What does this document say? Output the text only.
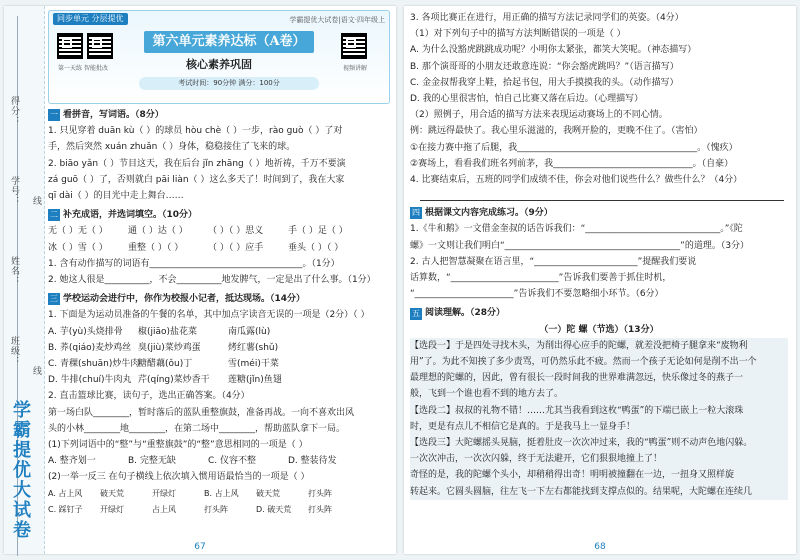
得分：
学号：
姓名：
班级：
线
线
学霸提优大试卷
同步单元 分层提优	学霸提优大试卷|语文·四年级上
第一天练 智能批改	视频讲解
第六单元素养达标（A卷）
核心素养巩固
考试时间：90分钟 满分：100分
一 看拼音，写词语。（8分）
1. 只见穿着 duān kù（ ）的球员 hòu chè（ ）一步，rào guò（ ）了对
手，然后突然 xuán zhuǎn（ ）身体，稳稳接住了飞来的球。
2. biāo yǎn（ ）节目这天，我在后台 jǐn zhāng（ ）地祈祷，千万不要演
zá guō（ ）了，否则就白 pāi liàn（ ）这么多天了！时间到了，我在大家
qī dài（ ）的目光中走上舞台……
二 补充成语，并选词填空。（10分）
无（ ）无（ ） 通（ ）达（ ） （ ）（ ）思义	手（ ）足（ ）
冰（ ）雪（ ） 重整（ ）（ ）	（ ）（ ）应手	垂头（ ）（ ）
1. 含有动作描写的词语有__________________________________。（1分）
2. 她这人很是__________，不会__________地发脾气，一定是出了什么事。（1分）
三 学校运动会进行中，你作为校报小记者，抵达现场。（14分）
1. 下面是为运动员准备的午餐的名单，其中加点字读音无误的一项是（2分）（ ）
A. 芋(yù)头烧排骨 椒(jiāo)盐花菜	南瓜露(lù)
B. 荞(qiáo)麦炒鸡丝 臭(jiù)菜炒鸡蛋	烤红薯(shǔ)
C. 青稞(shuān)炒牛肉糖醋藕(ǒu)丁	雪(méi)干菜
D. 牛排(chuí)牛肉丸 芹(qíng)菜炒香干 莲糖(jǐn)鱼翅
2. 直击篮球比赛，读句子，选出正确答案。（4分）
第一场白队________，暂时落后的蓝队重整旗鼓，准备再战。一向不喜欢出风
头的小林________地________，在第二场中________，帮助蓝队拿下一局。
(1)下列词语中的“整”与“重整旗鼓”的“整”意思相同的一项是（ ）
A. 整齐划一	B. 完整无缺	C. 仪容不整	D. 整装待发
(2)一举一反三 在句子横线上依次填入惯用语最恰当的一项是（ ）
A. 占上风 破天荒	开绿灯	B. 占上风 破天荒	打头阵
C. 踩钉子 开绿灯	占上风	打头阵	D. 破天荒 打头阵
67
3. 各项比赛正在进行，用正确的描写方法记录同学们的英姿。（4分）
（1）对下列句子中的描写方法判断错误的一项是（ ）
A. 为什么没豁虎跳跳成功呢？小明你太紧张，都笑大笑呢。（神态描写）
B. 那个演哥哥的小朋友还敢意连说：“你会豁虎跳吗？”（语言描写）
C. 金金叔帮我穿上鞋，拾起书包，用大手摸摸我的头。（动作描写）
D. 我的心里很害怕，怕自己比赛又落在后边。（心理描写）
（2）照例子，用合适的描写方法来表现运动赛场上的不同心情。
例：跳远得最快了。我心里乐滋滋的，我咧开脸的，更晚不住了。（害怕）
①在接力赛中拖了后腿，我________________________________________。（愧疚）
②赛场上，看看我们班名列前茅，我_______________________________。（自豪）
4. 比赛结束后，五班的同学们成绩不佳，你会对他们说些什么？做些什么？（4分）
四 根据课文内容完成练习。（9分）
1.《牛和鹅》一文借金奎叔的话告诉我们：“______________________________。”《陀
螺》一文则让我们明白“_______________________________________”的道理。（3分）
2. 古人把智慧凝聚在语言里，“_______________________”提醒我们要说
话算数，“________________________”告诉我们要善于抓住时机，
“______________________”告诉我们不要忽略细小环节。（6分）
五 阅读理解。（28分）
（一）陀 螺（节选）（13分）
【选段一】于是四处寻找木头，为削出得心应手的陀螺，就差没把椅子腿拿来“废物利
用”了。为此不知挨了多少责骂，可仍然乐此不疲。然而一个孩子无论如何是削不出一个
最理想的陀螺的，因此，曾有很长一段时间我的世界难满忽远，快乐像过冬的燕子一
般，飞到一个谁也看不到的地方去了。
【选段二】叔叔的礼物不错！……尤其当我看到这枚“鸭蛋”的下端已嵌上一粒大滚珠
时，更是有点儿不相信它是真的。于是我马上一显身手！
【选段三】大陀螺摇头晃脑，挺着肚皮一次次冲过来，我的“鸭蛋”则不动声色地闪躲。
一次次冲击，一次次闪躲，终于无法避开，它们狠狠地撞上了！
奇怪的是，我的陀螺个头小，却稍稍得出奇！明明被撞翻在一边，一扭身又照样旋
转起来。它圆头圆脑，往左飞一下左右都能找到支撑点似的。结果呢，大陀螺在连续几
68
